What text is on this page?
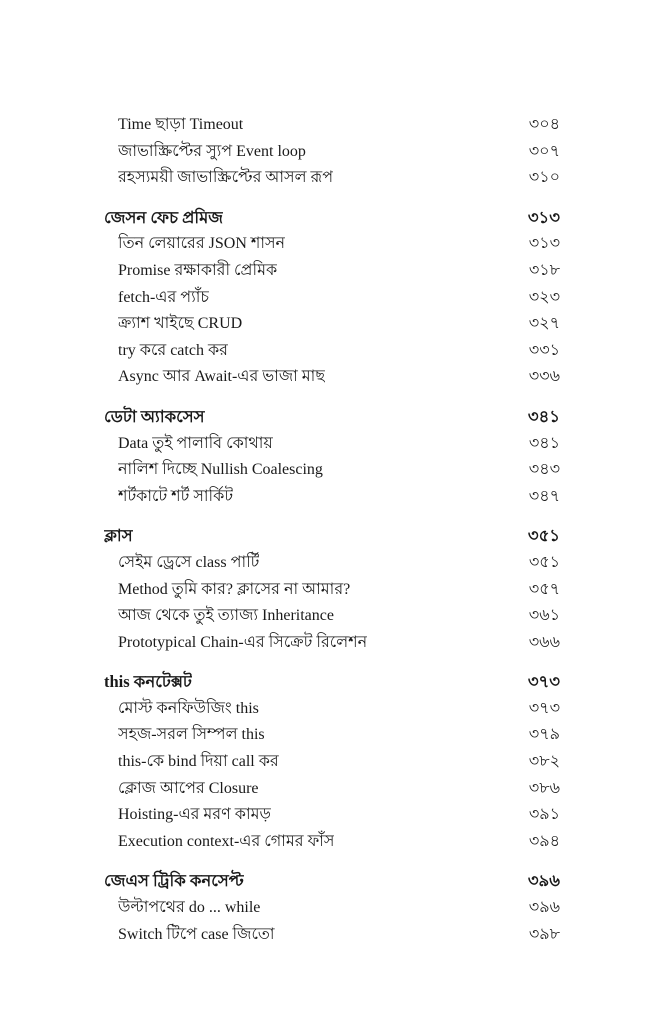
Time ছাড়া Timeout	৩০৪
জাভাস্ক্রিপ্টের স্যুপ Event loop	৩০৭
রহস্যময়ী জাভাস্ক্রিপ্টের আসল রূপ	৩১০
জেসন ফেচ প্রমিজ	৩১৩
তিন লেয়ারের JSON শাসন	৩১৩
Promise রক্ষাকারী প্রেমিক	৩১৮
fetch-এর প্যাঁচ	৩২৩
ক্র্যাশ খাইছে CRUD	৩২৭
try করে catch কর	৩৩১
Async আর Await-এর ভাজা মাছ	৩৩৬
ডেটা অ্যাকসেস	৩৪১
Data তুই পালাবি কোথায়	৩৪১
নালিশ দিচ্ছে Nullish Coalescing	৩৪৩
শর্টকাটে শর্ট সার্কিট	৩৪৭
ক্লাস	৩৫১
সেইম ড্রেসে class পার্টি	৩৫১
Method তুমি কার? ক্লাসের না আমার?	৩৫৭
আজ থেকে তুই ত্যাজ্য Inheritance	৩৬১
Prototypical Chain-এর সিক্রেট রিলেশন	৩৬৬
this কনটেক্সট	৩৭৩
মোস্ট কনফিউজিং this	৩৭৩
সহজ-সরল সিম্পল this	৩৭৯
this-কে bind দিয়া call কর	৩৮২
ক্লোজ আপের Closure	৩৮৬
Hoisting-এর মরণ কামড়	৩৯১
Execution context-এর গোমর ফাঁস	৩৯৪
জেএস ট্রিকি কনসেপ্ট	৩৯৬
উল্টাপথের do ... while	৩৯৬
Switch টিপে case জিতো	৩৯৮
